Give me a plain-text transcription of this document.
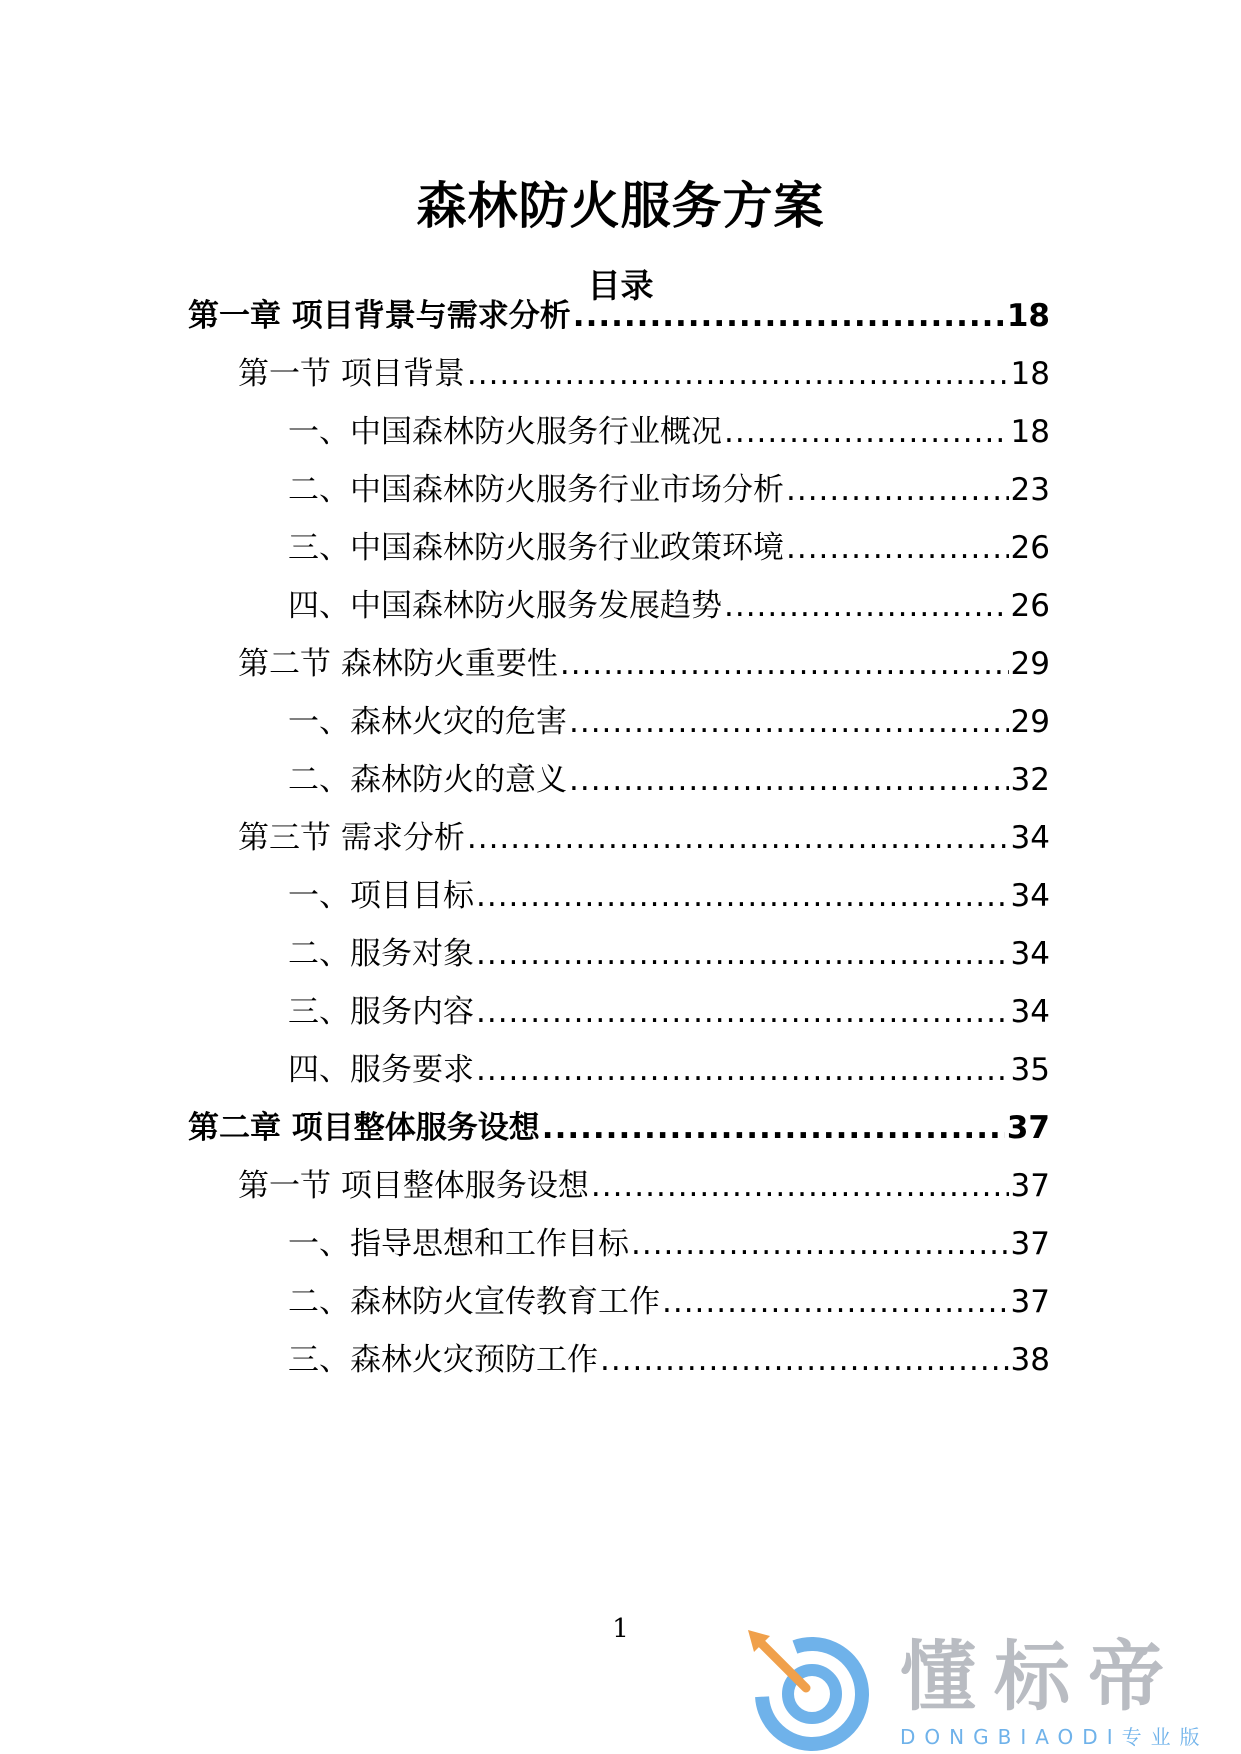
森林防火服务方案
目录
第一章 项目背景与需求分析 .....	18
第一节 项目背景 .....	18
一、中国森林防火服务行业概况 .....	18
二、中国森林防火服务行业市场分析 .....	23
三、中国森林防火服务行业政策环境 .....	26
四、中国森林防火服务发展趋势 .....	26
第二节 森林防火重要性 .....	29
一、森林火灾的危害 .....	29
二、森林防火的意义 .....	32
第三节 需求分析 .....	34
一、项目目标 .....	34
二、服务对象 .....	34
三、服务内容 .....	34
四、服务要求 .....	35
第二章 项目整体服务设想 .....	37
第一节 项目整体服务设想 .....	37
一、指导思想和工作目标 .....	37
二、森林防火宣传教育工作 .....	37
三、森林火灾预防工作 .....	38
1
懂标帝
DONGBIAODI专业版
